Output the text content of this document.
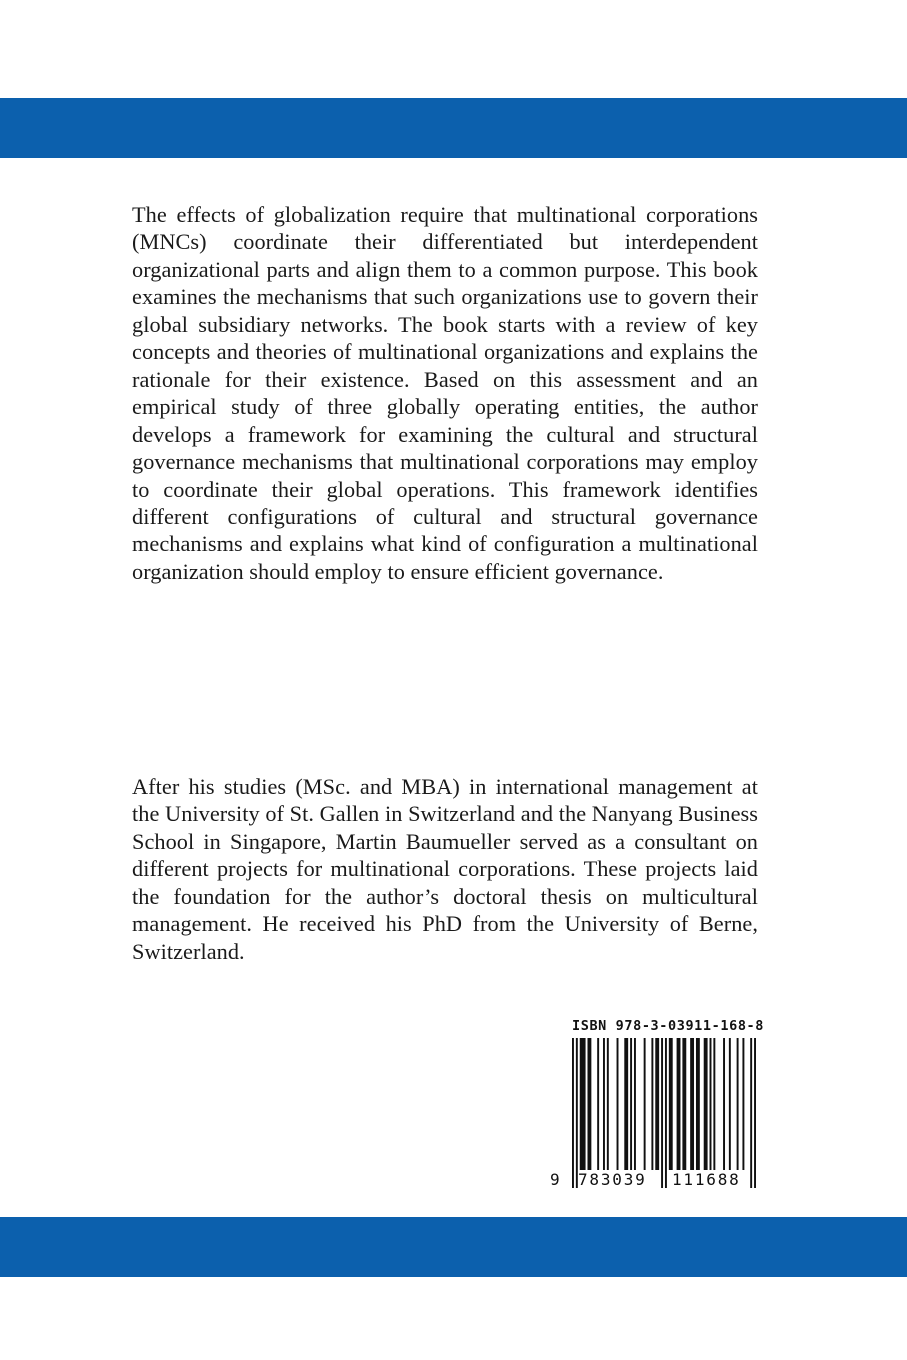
The effects of globalization require that multinational corporations (MNCs) coordinate their differentiated but interdependent organizational parts and align them to a common purpose. This book examines the mechanisms that such organizations use to govern their global subsidiary networks. The book starts with a review of key concepts and theories of multinational organizations and explains the rationale for their existence. Based on this assessment and an empirical study of three globally operating entities, the author develops a framework for examining the cultural and structural governance mechanisms that multinational corporations may employ to coordinate their global operations. This framework identifies different configurations of cultural and structural governance mechanisms and explains what kind of configuration a multinational organization should employ to ensure efficient governance.

After his studies (MSc. and MBA) in international management at the University of St. Gallen in Switzerland and the Nanyang Business School in Singapore, Martin Baumueller served as a consultant on different projects for multinational corporations. These projects laid the foundation for the author’s doctoral thesis on multicultural management. He received his PhD from the University of Berne, Switzerland.

ISBN 978-3-03911-168-8
9 783039 111688
